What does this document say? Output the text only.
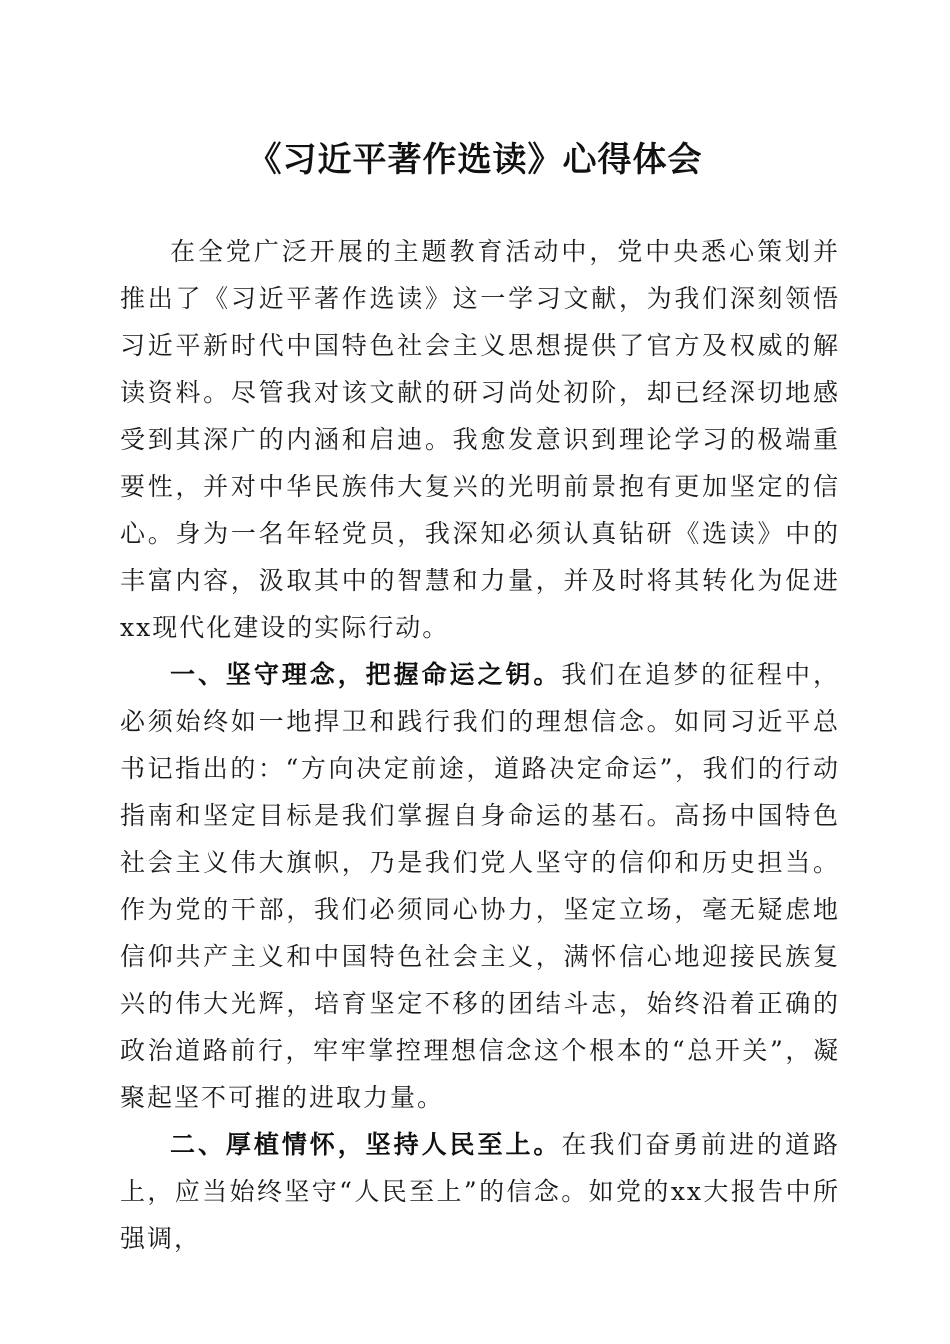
《习近平著作选读》心得体会

在全党广泛开展的主题教育活动中，党中央悉心策划并推出了《习近平著作选读》这一学习文献，为我们深刻领悟习近平新时代中国特色社会主义思想提供了官方及权威的解读资料。尽管我对该文献的研习尚处初阶，却已经深切地感受到其深广的内涵和启迪。我愈发意识到理论学习的极端重要性，并对中华民族伟大复兴的光明前景抱有更加坚定的信心。身为一名年轻党员，我深知必须认真钻研《选读》中的丰富内容，汲取其中的智慧和力量，并及时将其转化为促进xx现代化建设的实际行动。

一、坚守理念，把握命运之钥。我们在追梦的征程中，必须始终如一地捍卫和践行我们的理想信念。如同习近平总书记指出的：“方向决定前途，道路决定命运”，我们的行动指南和坚定目标是我们掌握自身命运的基石。高扬中国特色社会主义伟大旗帜，乃是我们党人坚守的信仰和历史担当。作为党的干部，我们必须同心协力，坚定立场，毫无疑虑地信仰共产主义和中国特色社会主义，满怀信心地迎接民族复兴的伟大光辉，培育坚定不移的团结斗志，始终沿着正确的政治道路前行，牢牢掌控理想信念这个根本的“总开关”，凝聚起坚不可摧的进取力量。

二、厚植情怀，坚持人民至上。在我们奋勇前进的道路上，应当始终坚守“人民至上”的信念。如党的xx大报告中所强调，
